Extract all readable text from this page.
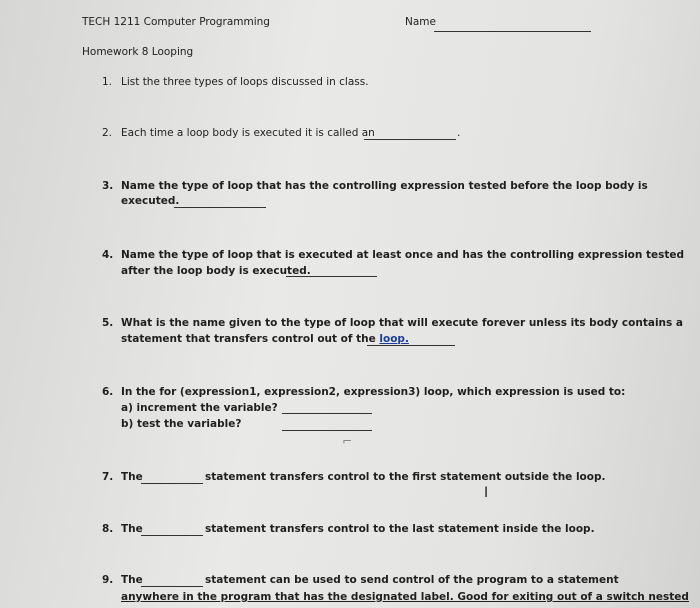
TECH 1211 Computer Programming	Name
Homework 8 Looping
1. List the three types of loops discussed in class.
2. Each time a loop body is executed it is called an	.
3. Name the type of loop that has the controlling expression tested before the loop body is
executed.
4. Name the type of loop that is executed at least once and has the controlling expression tested
after the loop body is executed.
5. What is the name given to the type of loop that will execute forever unless its body contains a
statement that transfers control out of the loop.
6. In the for (expression1, expression2, expression3) loop, which expression is used to:
a) increment the variable?
b) test the variable?
⌐
7. The	statement transfers control to the first statement outside the loop.
I
8. The	statement transfers control to the last statement inside the loop.
9. The	statement can be used to send control of the program to a statement
anywhere in the program that has the designated label. Good for exiting out of a switch nested
